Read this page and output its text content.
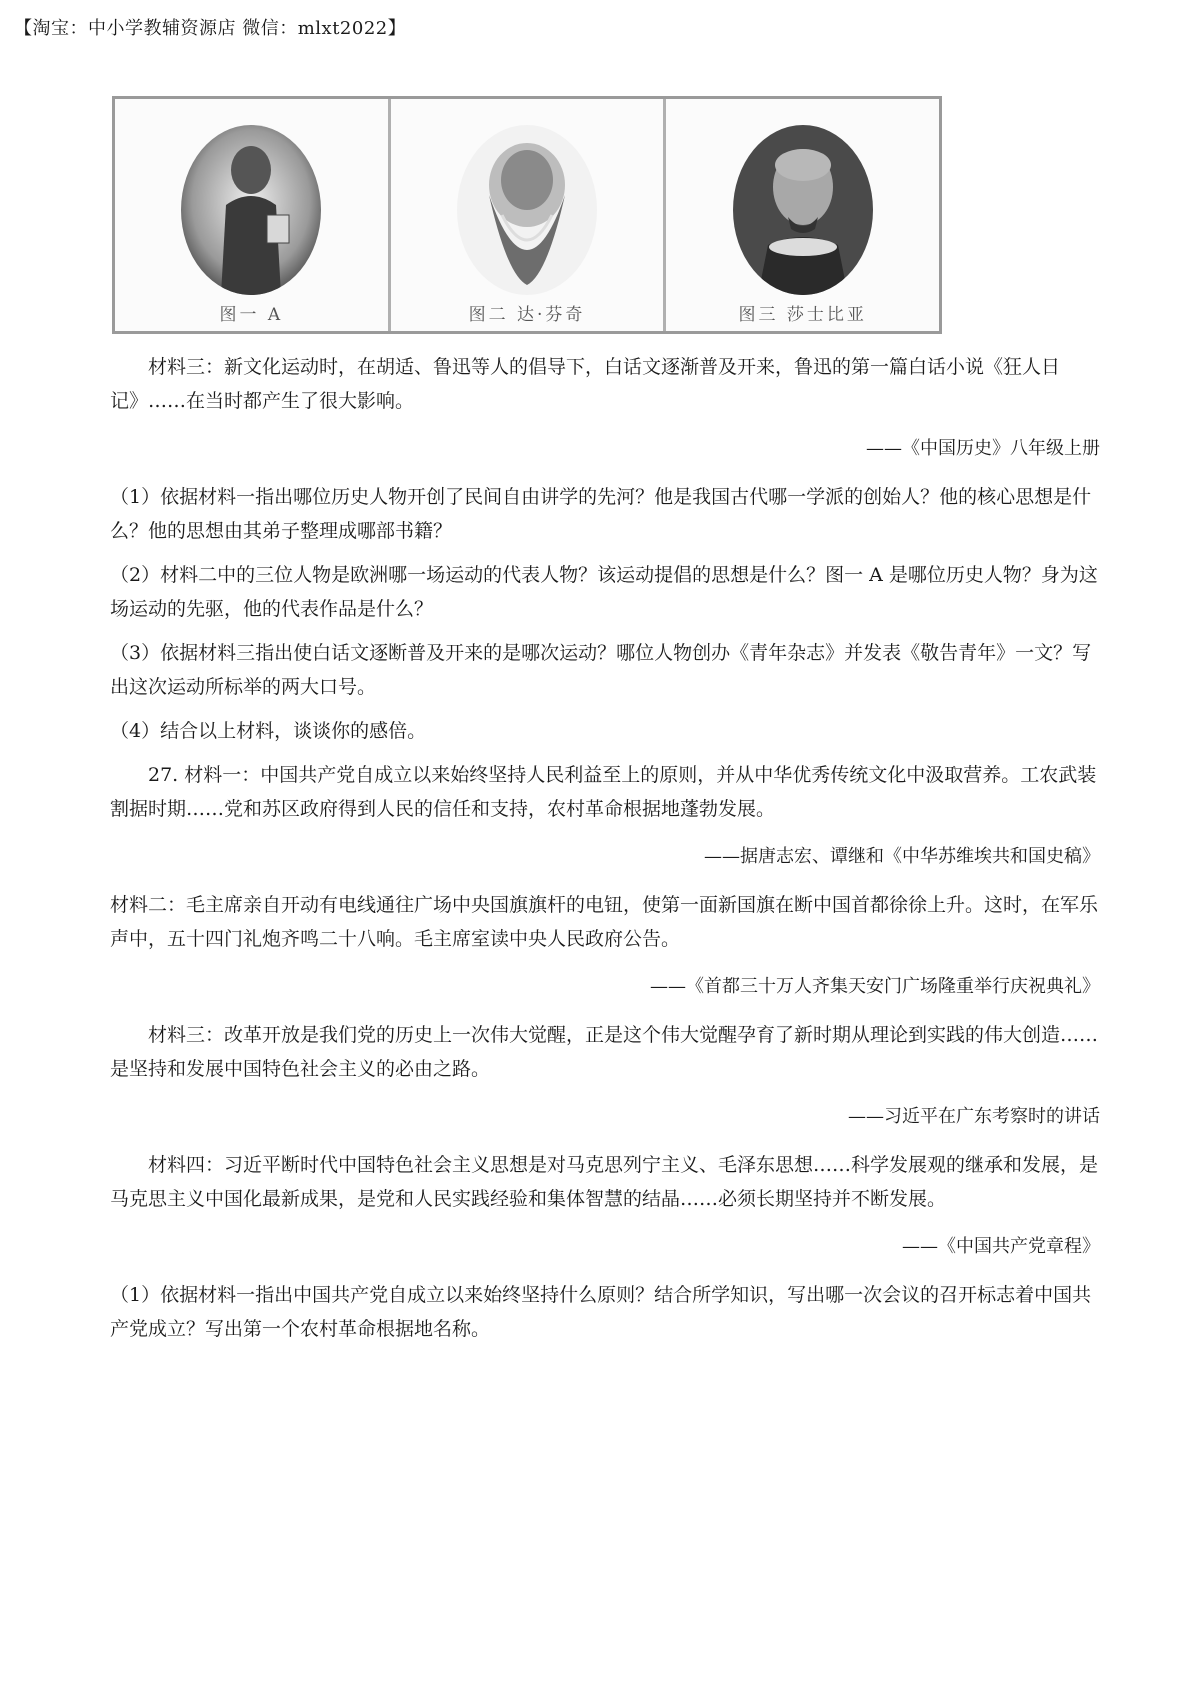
【淘宝：中小学教辅资源店 微信：mlxt2022】
图一 A	图二 达·芬奇	图三 莎士比亚

材料三：新文化运动时，在胡适、鲁迅等人的倡导下，白话文逐渐普及开来，鲁迅的第一篇白话小说《狂人日记》……在当时都产生了很大影响。

——《中国历史》八年级上册

（1）依据材料一指出哪位历史人物开创了民间自由讲学的先河？他是我国古代哪一学派的创始人？他的核心思想是什么？他的思想由其弟子整理成哪部书籍？

（2）材料二中的三位人物是欧洲哪一场运动的代表人物？该运动提倡的思想是什么？图一 A 是哪位历史人物？身为这场运动的先驱，他的代表作品是什么？

（3）依据材料三指出使白话文逐断普及开来的是哪次运动？哪位人物创办《青年杂志》并发表《敬告青年》一文？写出这次运动所标举的两大口号。

（4）结合以上材料，谈谈你的感倍。

27. 材料一：中国共产党自成立以来始终坚持人民利益至上的原则，并从中华优秀传统文化中汲取营养。工农武装割据时期……党和苏区政府得到人民的信任和支持，农村革命根据地蓬勃发展。

——据唐志宏、谭继和《中华苏维埃共和国史稿》

材料二：毛主席亲自开动有电线通往广场中央国旗旗杆的电钮，使第一面新国旗在断中国首都徐徐上升。这时，在军乐声中，五十四门礼炮齐鸣二十八响。毛主席室读中央人民政府公告。

——《首都三十万人齐集天安门广场隆重举行庆祝典礼》

材料三：改革开放是我们党的历史上一次伟大觉醒，正是这个伟大觉醒孕育了新时期从理论到实践的伟大创造……是坚持和发展中国特色社会主义的必由之路。

——习近平在广东考察时的讲话

材料四：习近平断时代中国特色社会主义思想是对马克思列宁主义、毛泽东思想……科学发展观的继承和发展，是马克思主义中国化最新成果，是党和人民实践经验和集体智慧的结晶……必须长期坚持并不断发展。

——《中国共产党章程》

（1）依据材料一指出中国共产党自成立以来始终坚持什么原则？结合所学知识，写出哪一次会议的召开标志着中国共产党成立？写出第一个农村革命根据地名称。
